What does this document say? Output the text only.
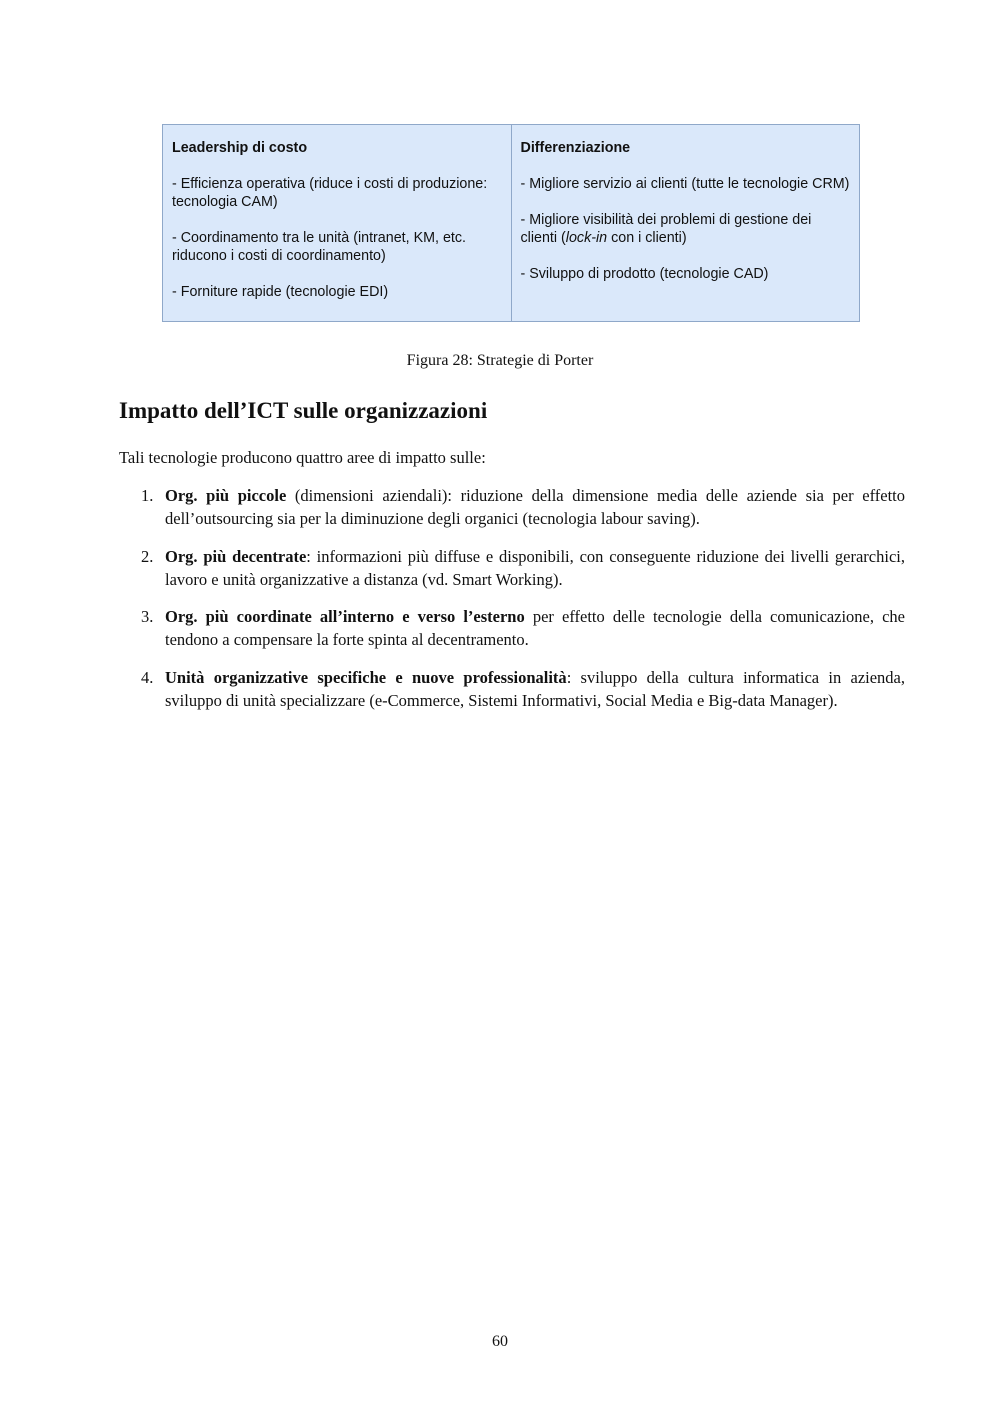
Leadership di costo
- Efficienza operativa (riduce i costi di produzione: tecnologia CAM)
- Coordinamento tra le unità (intranet, KM, etc. riducono i costi di coordinamento)
- Forniture rapide (tecnologie EDI)
Differenziazione
- Migliore servizio ai clienti (tutte le tecnologie CRM)
- Migliore visibilità dei problemi di gestione dei clienti (lock-in con i clienti)
- Sviluppo di prodotto (tecnologie CAD)
Figura 28: Strategie di Porter
Impatto dell’ICT sulle organizzazioni

Tali tecnologie producono quattro aree di impatto sulle:

1. Org. più piccole (dimensioni aziendali): riduzione della dimensione media delle aziende sia per effetto dell’outsourcing sia per la diminuzione degli organici (tecnologia labour saving).
2. Org. più decentrate: informazioni più diffuse e disponibili, con conseguente riduzione dei livelli gerarchici, lavoro e unità organizzative a distanza (vd. Smart Working).
3. Org. più coordinate all’interno e verso l’esterno per effetto delle tecnologie della comunicazione, che tendono a compensare la forte spinta al decentramento.
4. Unità organizzative specifiche e nuove professionalità: sviluppo della cultura informatica in azienda, sviluppo di unità specializzare (e-Commerce, Sistemi Informativi, Social Media e Big-data Manager).
60
